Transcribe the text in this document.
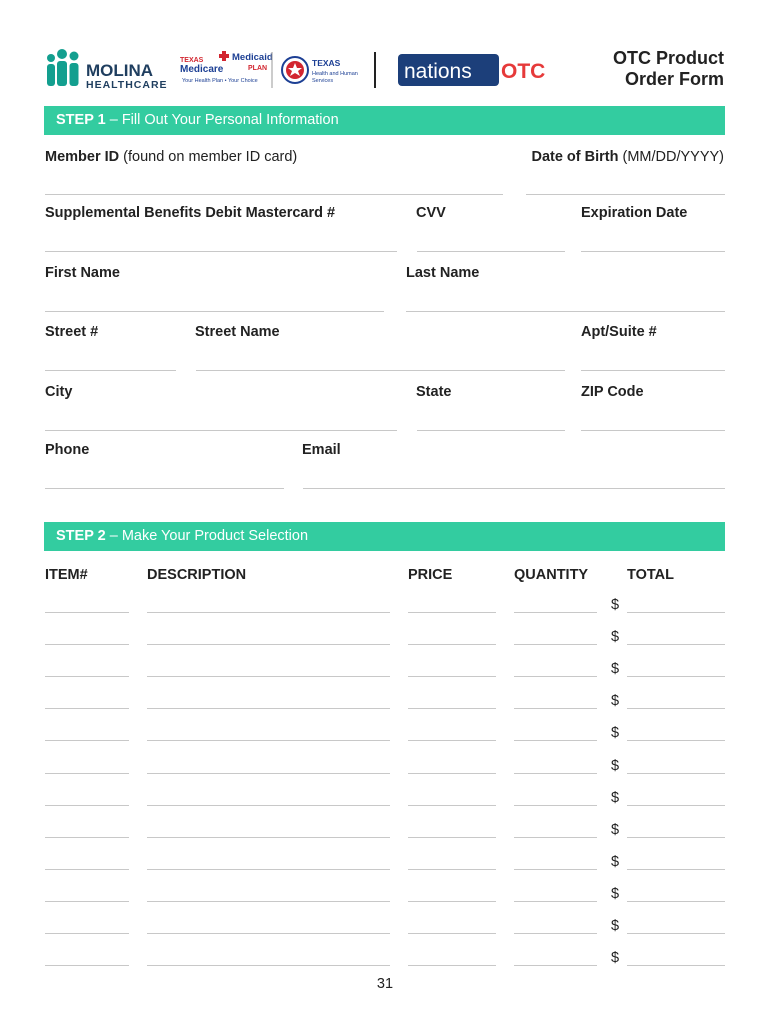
MOLINA
HEALTHCARE
TEXAS
Medicare
Medicaid
PLAN
Your Health Plan • Your Choice
TEXAS
Health and Human
Services	nations OTC
OTC Product
Order Form
STEP 1 – Fill Out Your Personal Information
Member ID (found on member ID card)	Date of Birth (MM/DD/YYYY)
Supplemental Benefits Debit Mastercard #	CVV	Expiration Date
First Name	Last Name
Street #	Street Name	Apt/Suite #
City	State	ZIP Code
Phone	Email
STEP 2 – Make Your Product Selection
ITEM#	DESCRIPTION	PRICE	QUANTITY	TOTAL
$
$
$
$
$
$
$
$
$
$
$
$
31
